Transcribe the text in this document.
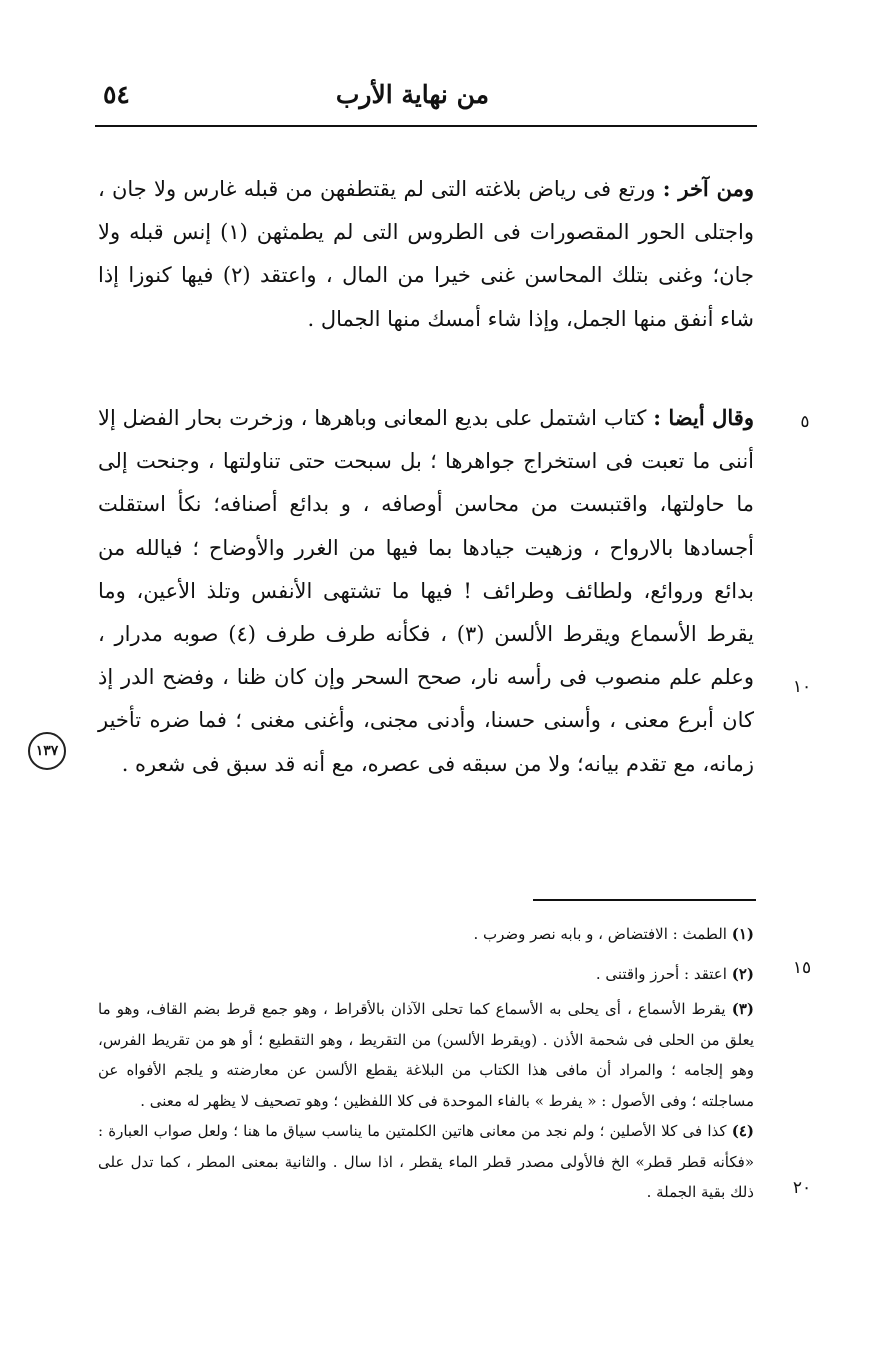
من نهاية الأرب
٥٤

ومن آخر : ورتع فى رياض بلاغته التى لم يقتطفهن من قبله غارس ولا جان ، واجتلى الحور المقصورات فى الطروس التى لم يطمثهن (١) إنس قبله ولا جان؛ وغنى بتلك المحاسن غنى خيرا من المال ، واعتقد (٢) فيها كنوزا إذا شاء أنفق منها الجمل، وإذا شاء أمسك منها الجمال .

وقال أيضا : كتاب اشتمل على بديع المعانى وباهرها ، وزخرت بحار الفضل إلا أننى ما تعبت فى استخراج جواهرها ؛ بل سبحت حتى تناولتها ، وجنحت إلى ما حاولتها، واقتبست من محاسن أوصافه ، و بدائع أصنافه؛ نكأ استقلت أجسادها بالارواح ، وزهيت جيادها بما فيها من الغرر والأوضاح ؛ فيالله من بدائع وروائع، ولطائف وطرائف ! فيها ما تشتهى الأنفس وتلذ الأعين، وما يقرط الأسماع ويقرط الألسن (٣) ، فكأنه طرف طرف (٤) صوبه مدرار ، وعلم علم منصوب فى رأسه نار، صحح السحر وإن كان ظنا ، وفضح الدر إذ كان أبرع معنى ، وأسنى حسنا، وأدنى مجنى، وأغنى مغنى ؛ فما ضره تأخير زمانه، مع تقدم بيانه؛ ولا من سبقه فى عصره، مع أنه قد سبق فى شعره .

٥
١٠
١٥
٢٠
١٣٧

(١) الطمث : الافتضاض ، و بابه نصر وضرب .

(٢) اعتقد : أحرز واقتنى .

(٣) يقرط الأسماع ، أى يحلى به الأسماع كما تحلى الآذان بالأقراط ، وهو جمع قرط بضم القاف، وهو ما يعلق من الحلى فى شحمة الأذن . (ويقرط الألسن) من التقريط ، وهو التقطيع ؛ أو هو من تقريط الفرس، وهو إلجامه ؛ والمراد أن مافى هذا الكتاب من البلاغة يقطع الألسن عن معارضته و يلجم الأفواه عن مساجلته ؛ وفى الأصول : « يفرط » بالفاء الموحدة فى كلا اللفظين ؛ وهو تصحيف لا يظهر له معنى .

(٤) كذا فى كلا الأصلين ؛ ولم نجد من معانى هاتين الكلمتين ما يناسب سياق ما هنا ؛ ولعل صواب العبارة : «فكأنه قطر قطر» الخ فالأولى مصدر قطر الماء يقطر ، اذا سال . والثانية بمعنى المطر ، كما تدل على ذلك بقية الجملة .
